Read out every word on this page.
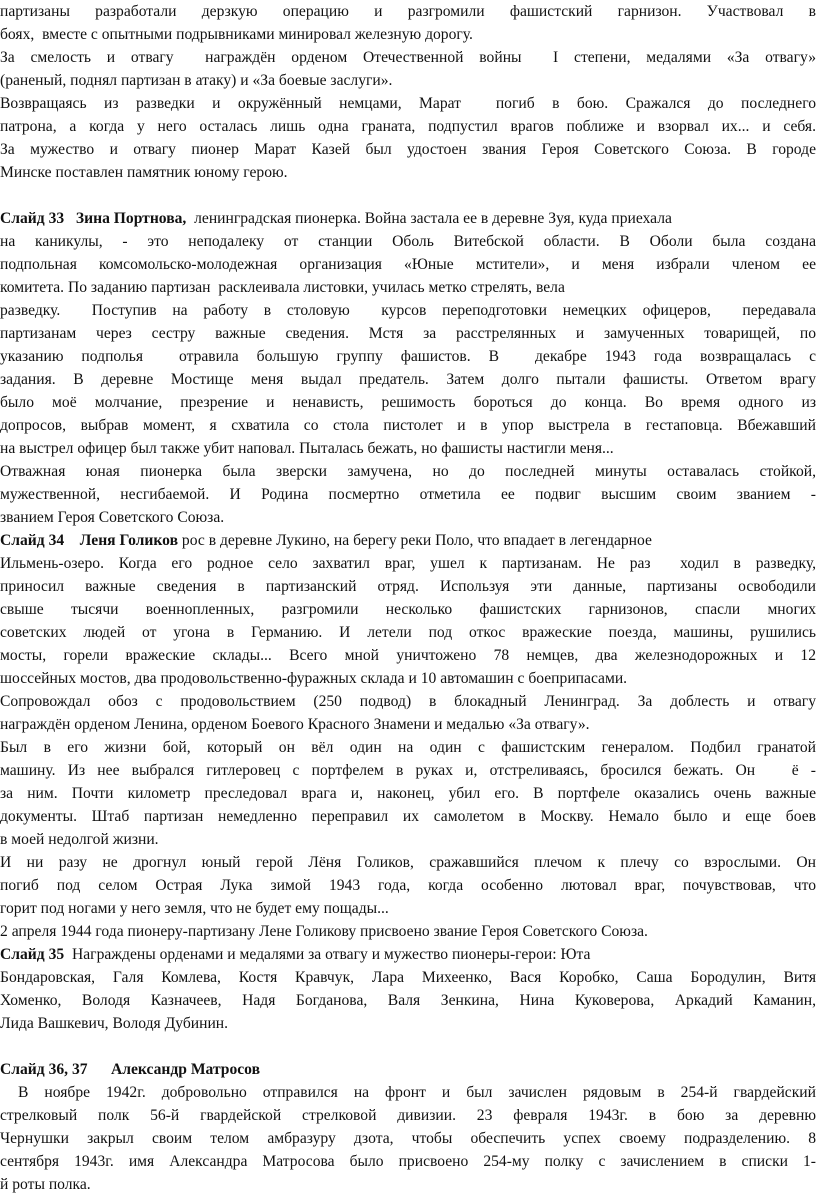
партизаны разработали дерзкую операцию и разгромили фашистский гарнизон. Участвовал в
боях,  вместе с опытными подрывниками минировал железную дорогу.
За смелость и отвагу  награждён орденом Отечественной войны  I степени, медалями «За отвагу»
(раненый, поднял партизан в атаку) и «За боевые заслуги».
Возвращаясь из разведки и окружённый немцами, Марат  погиб в бою. Сражался до последнего
патрона, а когда у него осталась лишь одна граната, подпустил врагов поближе и взорвал их... и себя.
За мужество и отвагу пионер Марат Казей был удостоен звания Героя Советского Союза. В городе
Минске поставлен памятник юному герою.
Слайд 33   Зина Портнова, ленинградская пионерка. Война застала ее в деревне Зуя, куда приехала
на каникулы, - это неподалеку от станции Оболь Витебской области. В Оболи была создана
подпольная комсомольско-молодежная организация «Юные мстители», и меня избрали членом ее
комитета. По заданию партизан  расклеивала листовки, училась метко стрелять, вела
разведку.  Поступив на работу в столовую  курсов переподготовки немецких офицеров,  передавала
партизанам через сестру важные сведения. Мстя за расстрелянных и замученных товарищей, по
указанию подполья  отравила большую группу фашистов. В  декабре 1943 года возвращалась с
задания. В деревне Мостище меня выдал предатель. Затем долго пытали фашисты. Ответом врагу
было моё молчание, презрение и ненависть, решимость бороться до конца. Во время одного из
допросов, выбрав момент, я схватила со стола пистолет и в упор выстрела в гестаповца. Вбежавший
на выстрел офицер был также убит наповал. Пыталась бежать, но фашисты настигли меня...
Отважная юная пионерка была зверски замучена, но до последней минуты оставалась стойкой,
мужественной, несгибаемой. И Родина посмертно отметила ее подвиг высшим своим званием -
званием Героя Советского Союза.
Слайд 34    Леня Голиков рос в деревне Лукино, на берегу реки Поло, что впадает в легендарное
Ильмень-озеро. Когда его родное село захватил враг, ушел к партизанам. Не раз  ходил в разведку,
приносил важные сведения в партизанский отряд. Используя эти данные, партизаны освободили
свыше тысячи военнопленных, разгромили несколько фашистских гарнизонов, спасли многих
советских людей от угона в Германию. И летели под откос вражеские поезда, машины, рушились
мосты, горели вражеские склады... Всего мной уничтожено 78 немцев, два железнодорожных и 12
шоссейных мостов, два продовольственно-фуражных склада и 10 автомашин с боеприпасами.
Сопровождал обоз с продовольствием (250 подвод) в блокадный Ленинград. За доблесть и отвагу
награждён орденом Ленина, орденом Боевого Красного Знамени и медалью «За отвагу».
Был в его жизни бой, который он вёл один на один с фашистским генералом. Подбил гранатой
машину. Из нее выбрался гитлеровец с портфелем в руках и, отстреливаясь, бросился бежать. Он   ё -
за ним. Почти километр преследовал врага и, наконец, убил его. В портфеле оказались очень важные
документы. Штаб партизан немедленно переправил их самолетом в Москву. Немало было и еще боев
в моей недолгой жизни.
И ни разу не дрогнул юный герой Лёня Голиков, сражавшийся плечом к плечу со взрослыми. Он
погиб под селом Острая Лука зимой 1943 года, когда особенно лютовал враг, почувствовав, что
горит под ногами у него земля, что не будет ему пощады...
2 апреля 1944 года пионеру-партизану Лене Голикову присвоено звание Героя Советского Союза.
Слайд 35 Награждены орденами и медалями за отвагу и мужество пионеры-герои: Юта
Бондаровская, Галя Комлева, Костя Кравчук, Лара Михеенко, Вася Коробко, Саша Бородулин, Витя
Хоменко, Володя Казначеев, Надя Богданова, Валя Зенкина, Нина Куковерова, Аркадий Каманин,
Лида Вашкевич, Володя Дубинин.
Слайд 36, 37      Александр Матросов
В ноябре 1942г. добровольно отправился на фронт и был зачислен рядовым в 254-й гвардейский
стрелковый полк 56-й гвардейской стрелковой дивизии. 23 февраля 1943г. в бою за деревню
Чернушки закрыл своим телом амбразуру дзота, чтобы обеспечить успех своему подразделению. 8
сентября 1943г. имя Александра Матросова было присвоено 254-му полку с зачислением в списки 1-
й роты полка.
